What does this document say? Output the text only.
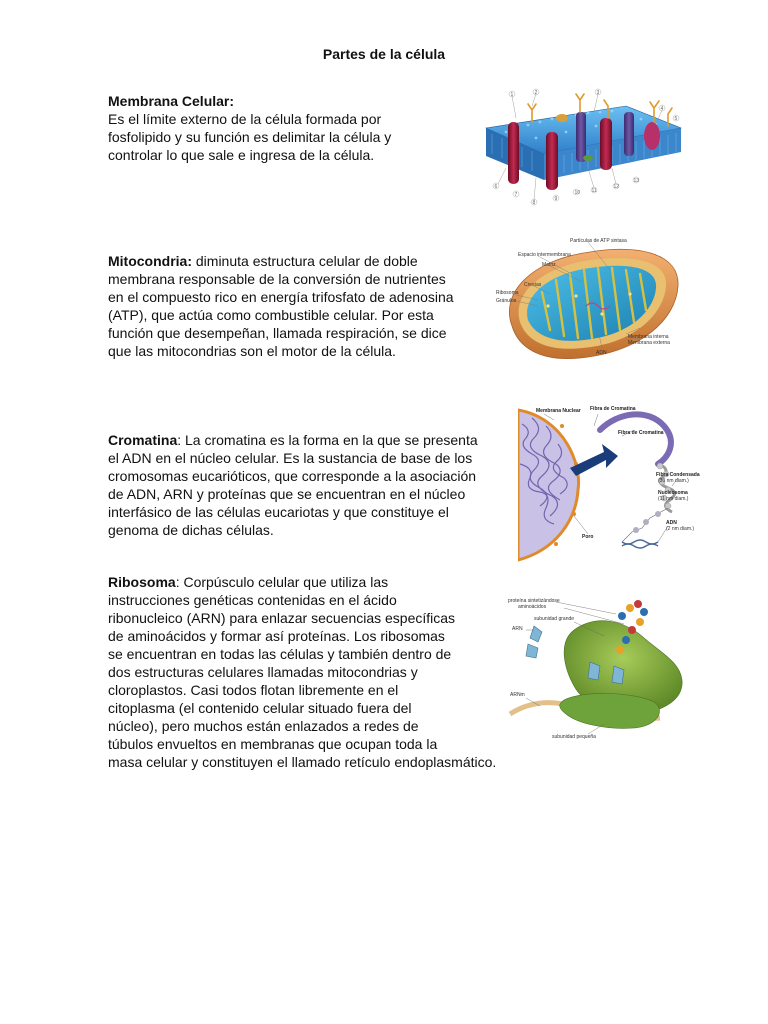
Partes de la célula
Membrana Celular:
Es el límite externo de la célula formada por
fosfolipido y su función es delimitar la célula y
controlar lo que sale e ingresa de la célula.
Mitocondria: diminuta estructura celular de doble
membrana responsable de la conversión de nutrientes
en el compuesto rico en energía trifosfato de adenosina
(ATP), que actúa como combustible celular. Por esta
función que desempeñan, llamada respiración, se dice
que las mitocondrias son el motor de la célula.
Cromatina: La cromatina es la forma en la que se presenta
el ADN en el núcleo celular. Es la sustancia de base de los
cromosomas eucarióticos, que corresponde a la asociación
de ADN, ARN y proteínas que se encuentran en el núcleo
interfásico de las células eucariotas y que constituye el
genoma de dichas células.
Ribosoma: Corpúsculo celular que utiliza las
instrucciones genéticas contenidas en el ácido
ribonucleico (ARN) para enlazar secuencias específicas
de aminoácidos y formar así proteínas. Los ribosomas
se encuentran en todas las células y también dentro de
dos estructuras celulares llamadas mitocondrias y
cloroplastos. Casi todos flotan libremente en el
citoplasma (el contenido celular situado fuera del
núcleo), pero muchos están enlazados a redes de
túbulos envueltos en membranas que ocupan toda la
masa celular y constituyen el llamado retículo endoplasmático.
1	2	3
4
5
6
7
8
9
10 11
12
13
Partículas de ATP sintasa
Espacio intermembrana
Matriz
Crestas
Ribosoma
Gránulos
Membrana interna
Membrana externa
ADN
Membrana Nuclear Fibra de Cromatina
Fibra de Cromatina
Fibra Condensada
(30 nm diam.)
Nucleosoma
(11 nm diam.)
ADN
(2 nm diam.)
Poro
proteína sintetizándose
aminoácidos
subunidad grande
ARN
ARNm
subunidad pequeña
